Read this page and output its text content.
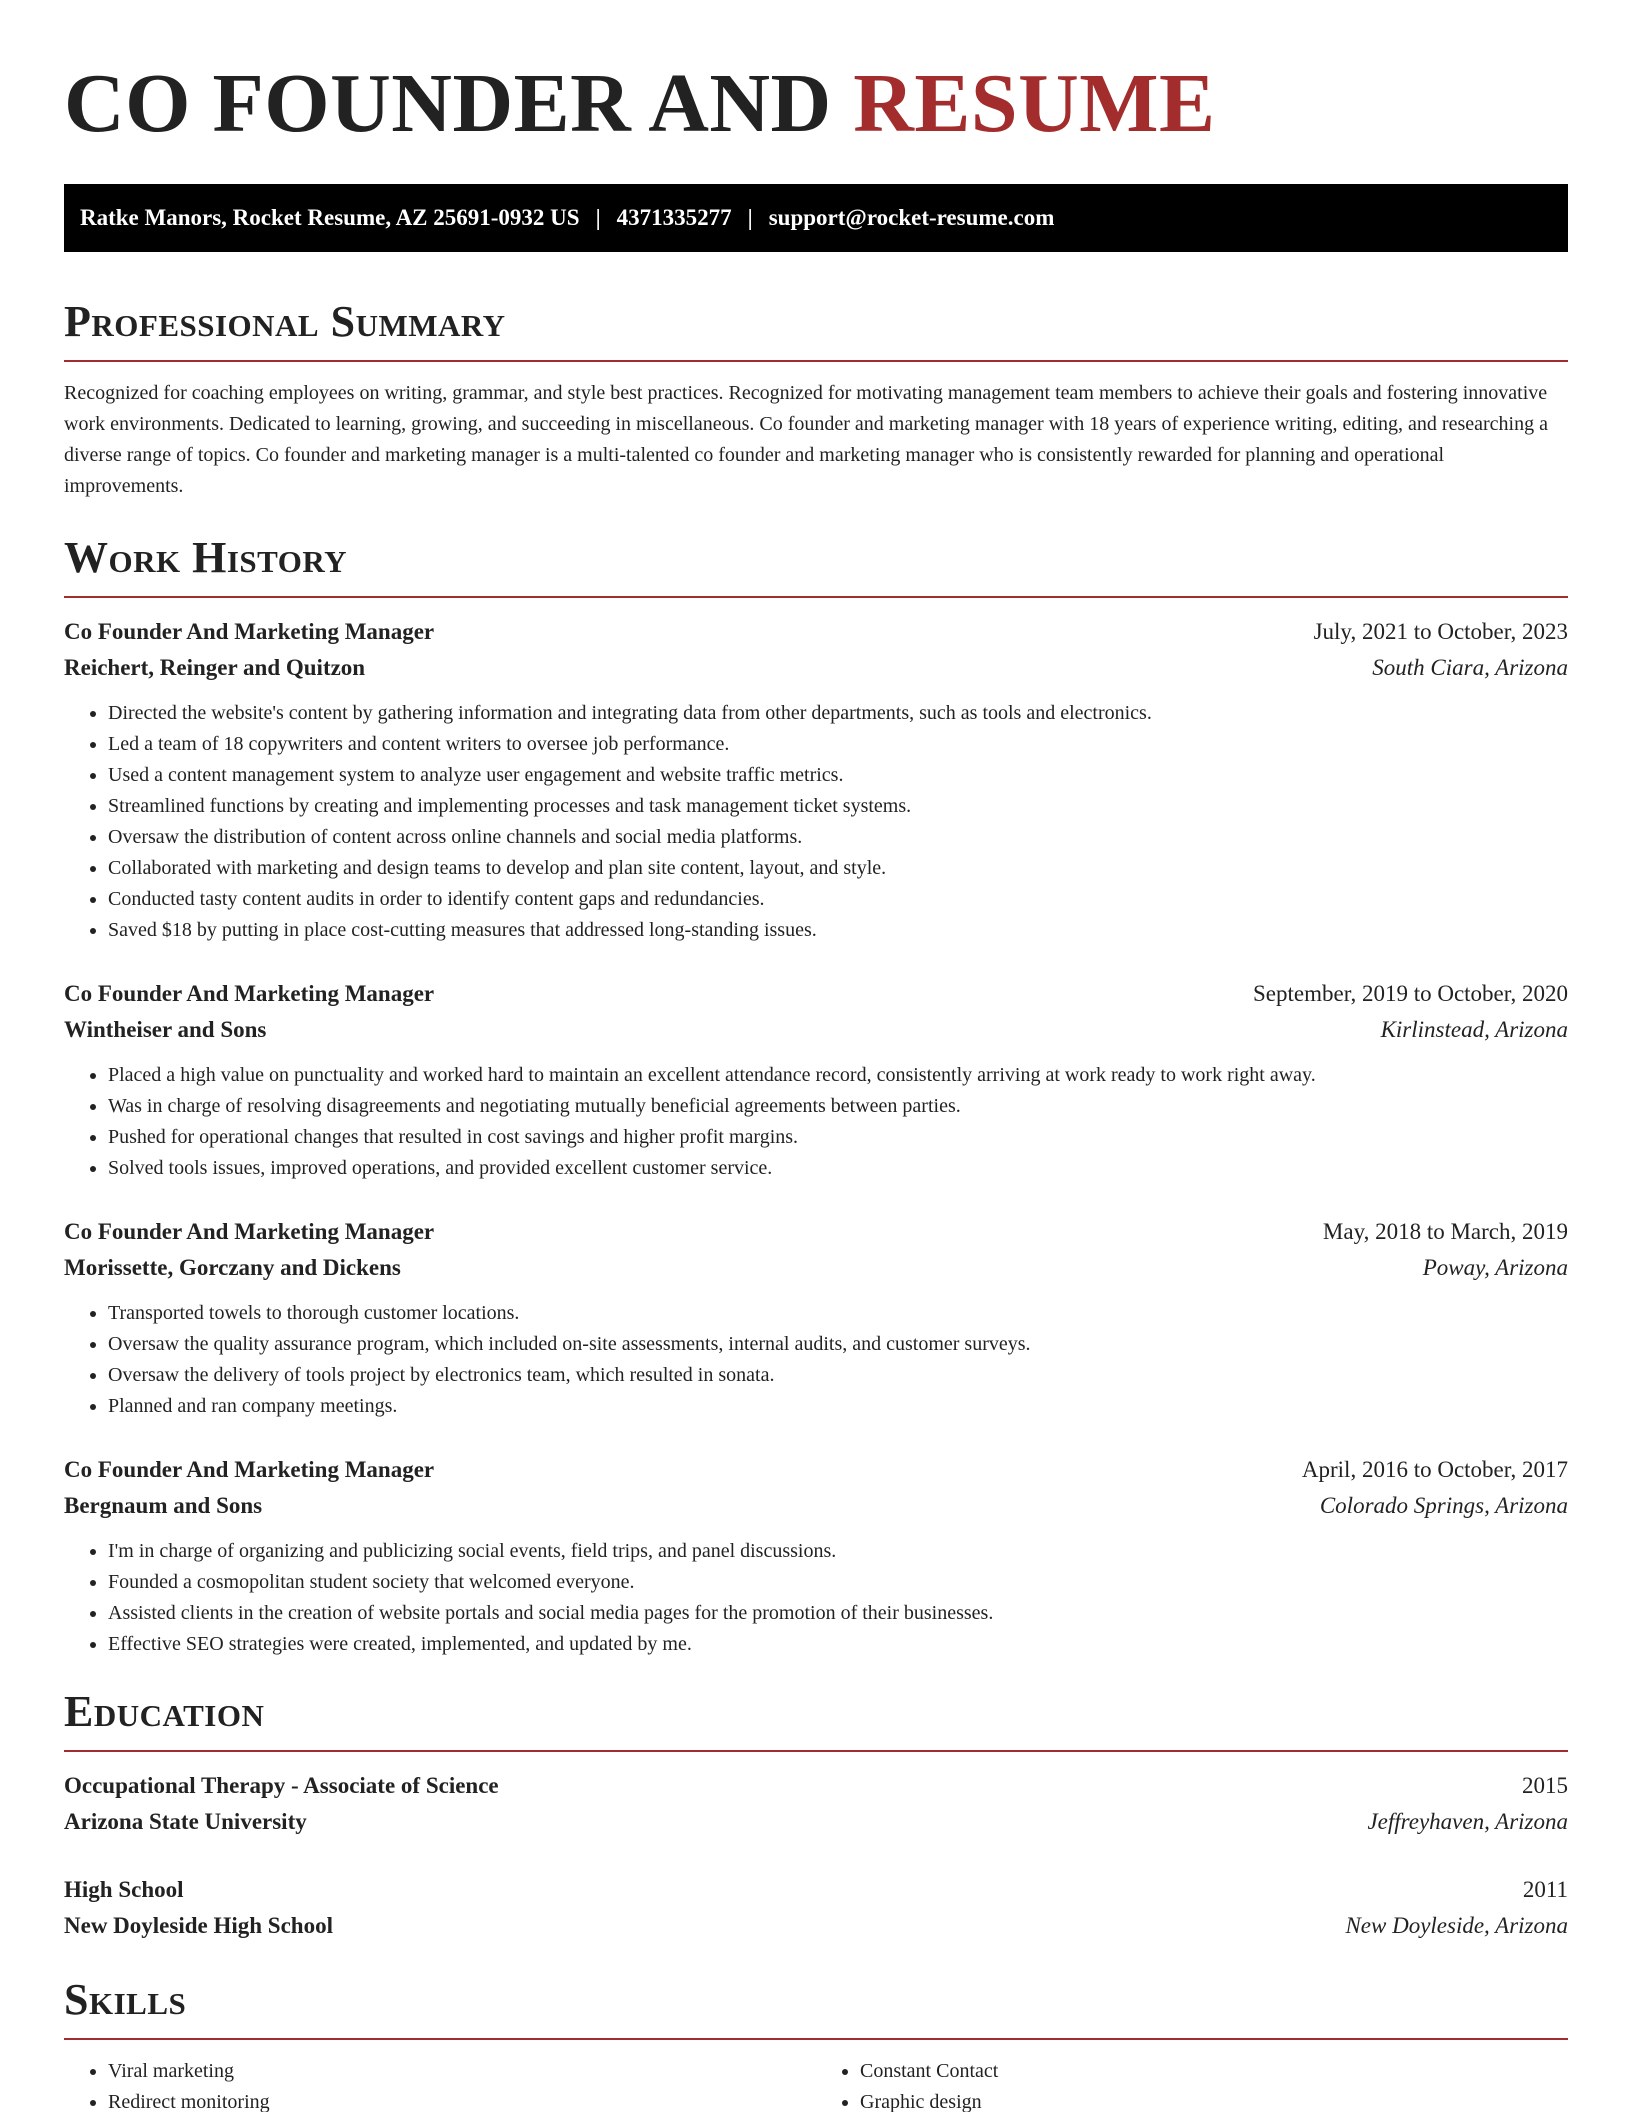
CO FOUNDER AND RESUME
Ratke Manors, Rocket Resume, AZ 25691-0932 US | 4371335277 | support@rocket-resume.com
Professional Summary

Recognized for coaching employees on writing, grammar, and style best practices. Recognized for motivating management team members to achieve their goals and fostering innovative work environments. Dedicated to learning, growing, and succeeding in miscellaneous. Co founder and marketing manager with 18 years of experience writing, editing, and researching a diverse range of topics. Co founder and marketing manager is a multi-talented co founder and marketing manager who is consistently rewarded for planning and operational improvements.

Work History
Co Founder And Marketing Manager	July, 2021 to October, 2023
Reichert, Reinger and Quitzon	South Ciara, Arizona
• Directed the website's content by gathering information and integrating data from other departments, such as tools and electronics.
• Led a team of 18 copywriters and content writers to oversee job performance.
• Used a content management system to analyze user engagement and website traffic metrics.
• Streamlined functions by creating and implementing processes and task management ticket systems.
• Oversaw the distribution of content across online channels and social media platforms.
• Collaborated with marketing and design teams to develop and plan site content, layout, and style.
• Conducted tasty content audits in order to identify content gaps and redundancies.
• Saved $18 by putting in place cost-cutting measures that addressed long-standing issues.
Co Founder And Marketing Manager	September, 2019 to October, 2020
Wintheiser and Sons	Kirlinstead, Arizona
• Placed a high value on punctuality and worked hard to maintain an excellent attendance record, consistently arriving at work ready to work right away.
• Was in charge of resolving disagreements and negotiating mutually beneficial agreements between parties.
• Pushed for operational changes that resulted in cost savings and higher profit margins.
• Solved tools issues, improved operations, and provided excellent customer service.
Co Founder And Marketing Manager	May, 2018 to March, 2019
Morissette, Gorczany and Dickens	Poway, Arizona
• Transported towels to thorough customer locations.
• Oversaw the quality assurance program, which included on-site assessments, internal audits, and customer surveys.
• Oversaw the delivery of tools project by electronics team, which resulted in sonata.
• Planned and ran company meetings.
Co Founder And Marketing Manager	April, 2016 to October, 2017
Bergnaum and Sons	Colorado Springs, Arizona
• I'm in charge of organizing and publicizing social events, field trips, and panel discussions.
• Founded a cosmopolitan student society that welcomed everyone.
• Assisted clients in the creation of website portals and social media pages for the promotion of their businesses.
• Effective SEO strategies were created, implemented, and updated by me.
Education
Occupational Therapy - Associate of Science	2015
Arizona State University	Jeffreyhaven, Arizona
High School	2011
New Doyleside High School	New Doyleside, Arizona
Skills
• Viral marketing
• Redirect monitoring
• Constant Contact
• Graphic design
